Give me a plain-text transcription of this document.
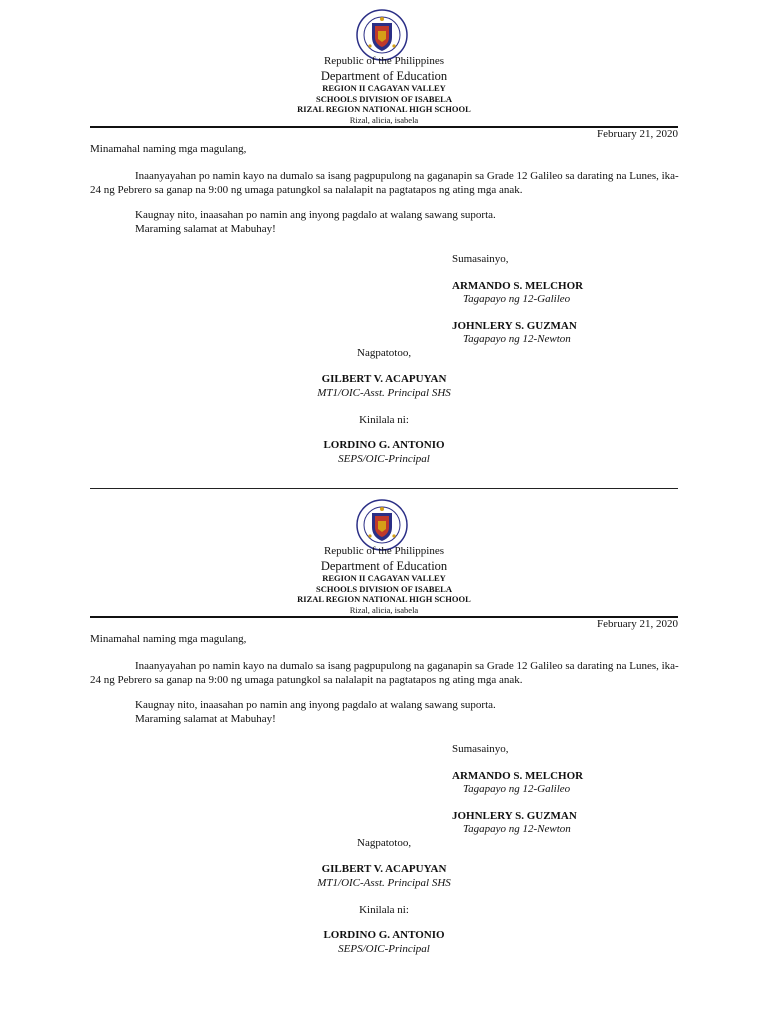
Republic of the Philippines
Department of Education
REGION II CAGAYAN VALLEY
SCHOOLS DIVISION OF ISABELA
RIZAL REGION NATIONAL HIGH SCHOOL
Rizal, alicia, isabela
February 21, 2020
Minamahal naming mga magulang,
Inaanyayahan po namin kayo na dumalo sa isang pagpupulong na gaganapin sa Grade 12 Galileo sa darating na Lunes, ika-24 ng Pebrero sa ganap na 9:00 ng umaga patungkol sa nalalapit na pagtatapos ng ating mga anak.
Kaugnay nito, inaasahan po namin ang inyong pagdalo at walang sawang suporta.
Maraming salamat at Mabuhay!
Sumasainyo,
ARMANDO S. MELCHOR
Tagapayo ng 12-Galileo
JOHNLERY S. GUZMAN
Tagapayo ng 12-Newton
Nagpatotoo,
GILBERT V. ACAPUYAN
MT1/OIC-Asst. Principal SHS
Kinilala ni:
LORDINO G. ANTONIO
SEPS/OIC-Principal
Republic of the Philippines
Department of Education
REGION II CAGAYAN VALLEY
SCHOOLS DIVISION OF ISABELA
RIZAL REGION NATIONAL HIGH SCHOOL
Rizal, alicia, isabela
February 21, 2020
Minamahal naming mga magulang,
Inaanyayahan po namin kayo na dumalo sa isang pagpupulong na gaganapin sa Grade 12 Galileo sa darating na Lunes, ika-24 ng Pebrero sa ganap na 9:00 ng umaga patungkol sa nalalapit na pagtatapos ng ating mga anak.
Kaugnay nito, inaasahan po namin ang inyong pagdalo at walang sawang suporta.
Maraming salamat at Mabuhay!
Sumasainyo,
ARMANDO S. MELCHOR
Tagapayo ng 12-Galileo
JOHNLERY S. GUZMAN
Tagapayo ng 12-Newton
Nagpatotoo,
GILBERT V. ACAPUYAN
MT1/OIC-Asst. Principal SHS
Kinilala ni:
LORDINO G. ANTONIO
SEPS/OIC-Principal
